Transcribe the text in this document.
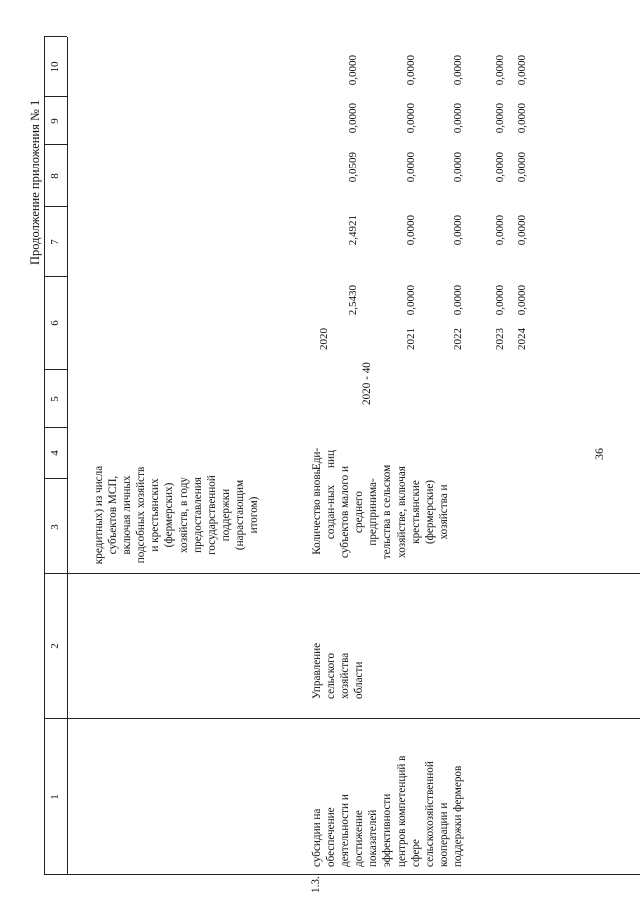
36
Продолжение приложения № 1
1
2
3
4
5
6
7
8
9
10
кредитных) из числа субъектов МСП, включая личных подсобных хозяйств и крестьянских (фермерских) хозяйств, в году предоставления государственной поддержки (нарастающим итогом)
1.3.
субсидии на обеспечение деятельности и достижение показателей эффективности центров компетенций в сфере сельскохозяйственной кооперации и поддержки фермеров
Управление сельского хозяйства области
Количество вновь создан-ных субъектов малого и среднего предпринима-тельства в сельском хозяйстве, включая крестьянские (фермерские) хозяйства и
Еди-ниц
2020 - 40
2020
2,5430
2,4921
0,0509
0,0000
0,0000
2021
0,0000
0,0000
0,0000
0,0000
0,0000
2022
0,0000
0,0000
0,0000
0,0000
0,0000
2023
0,0000
0,0000
0,0000
0,0000
0,0000
2024
0,0000
0,0000
0,0000
0,0000
0,0000
